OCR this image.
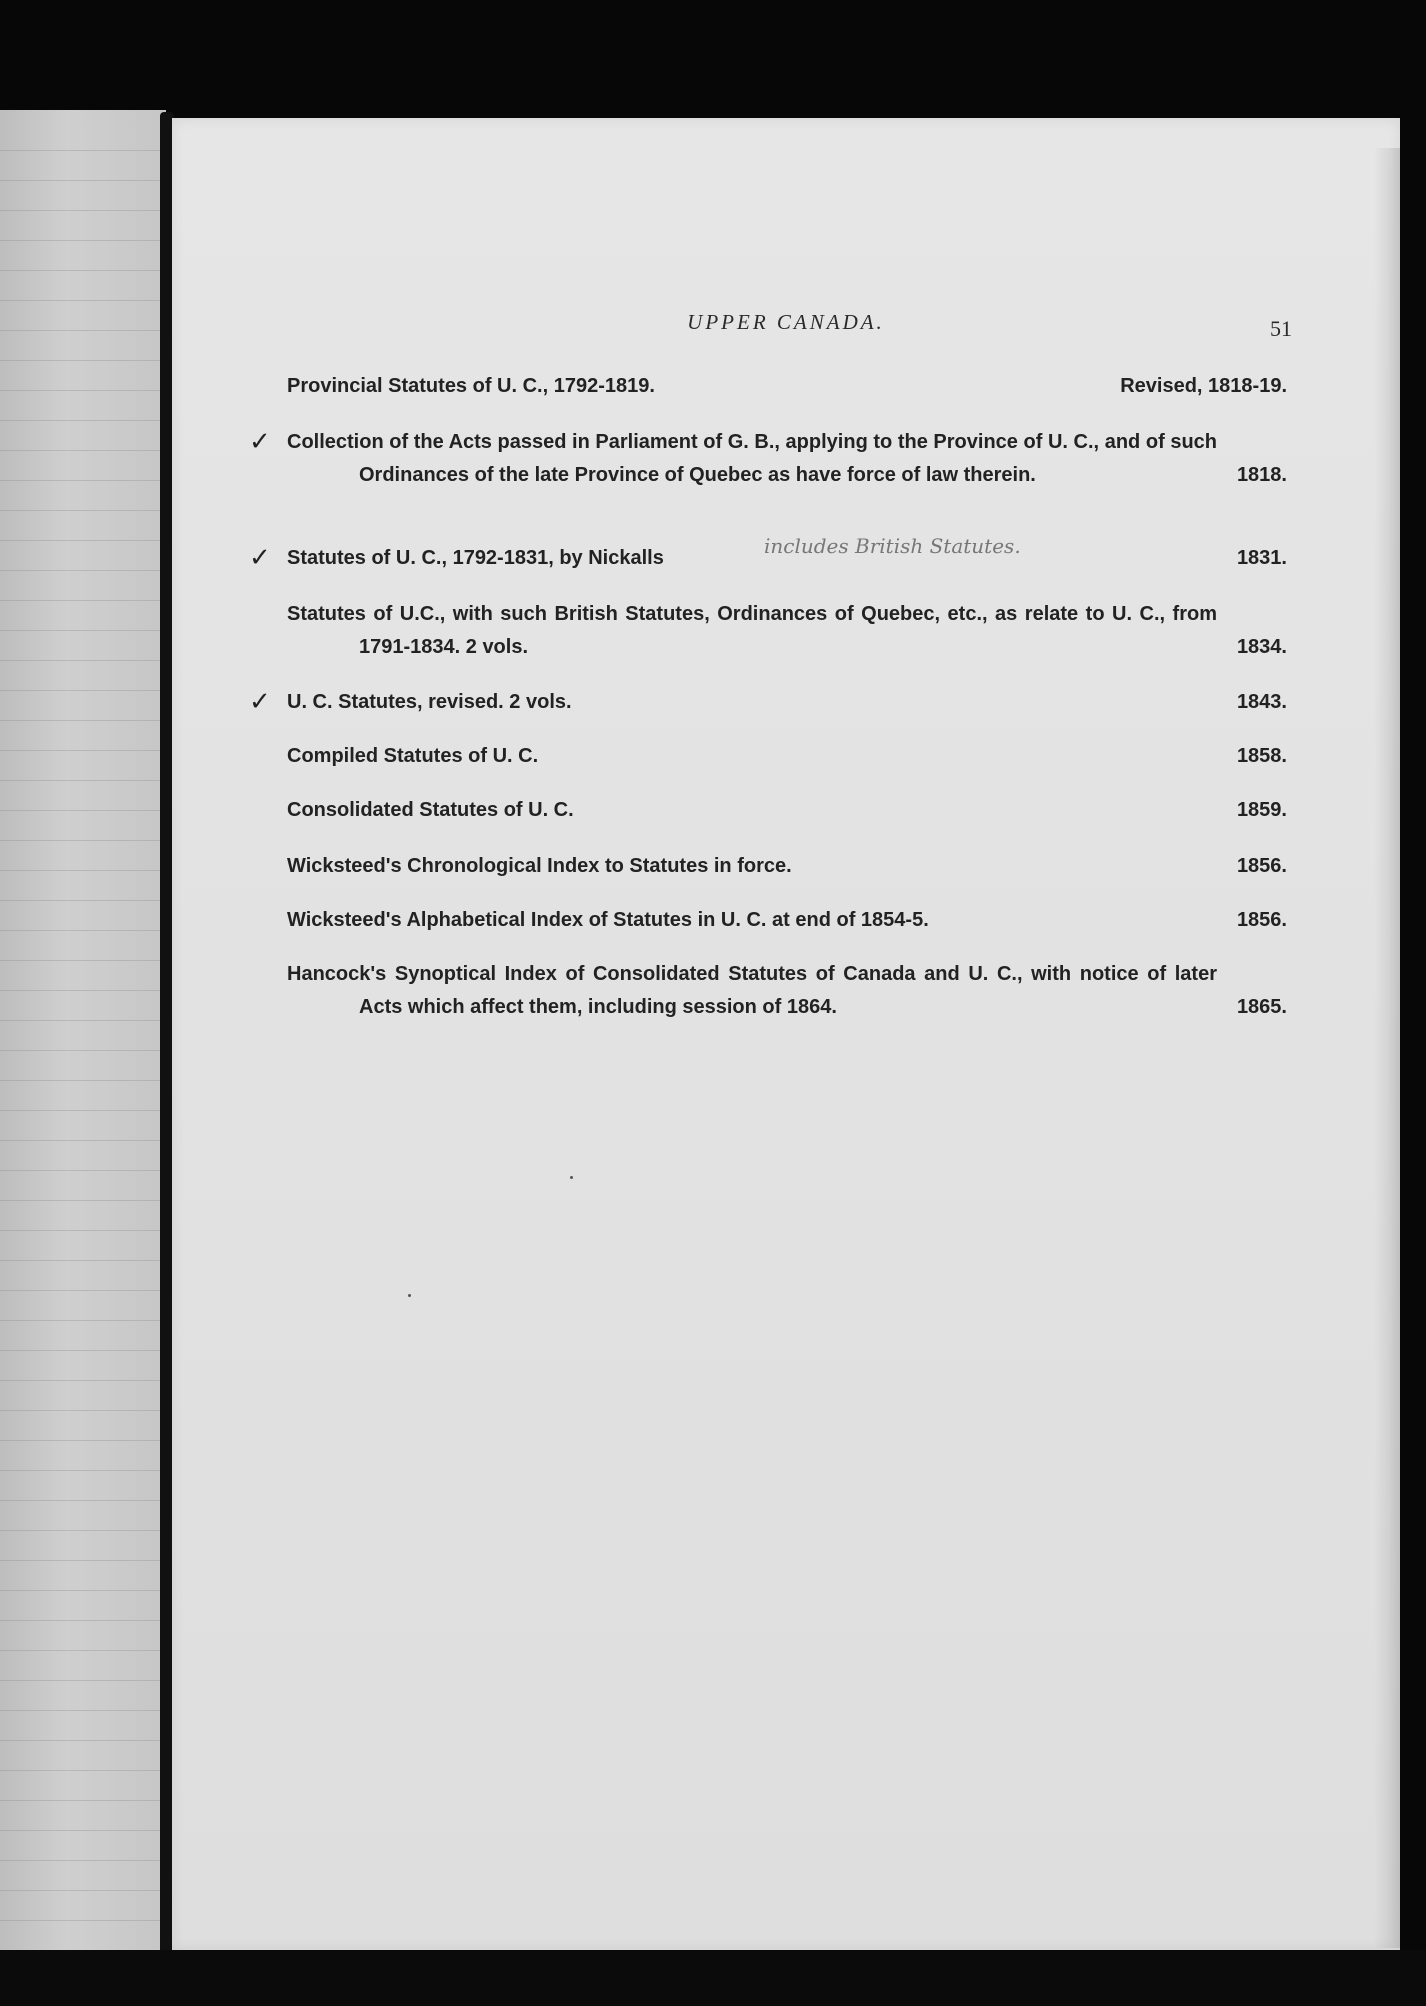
UPPER CANADA.	51
Provincial Statutes of U. C., 1792-1819.	Revised, 1818-19.
✓ Collection of the Acts passed in Parliament of G. B., applying to the Province of U. C., and of such Ordinances of the late Province of Quebec as have force of law therein.	1818.
✓ Statutes of U. C., 1792-1831, by Nickalls	1831.
includes British Statutes.
Statutes of U.C., with such British Statutes, Ordinances of Quebec, etc., as relate to U. C., from 1791-1834. 2 vols.	1834.
✓ U. C. Statutes, revised. 2 vols.	1843.
Compiled Statutes of U. C.	1858.
Consolidated Statutes of U. C.	1859.
Wicksteed's Chronological Index to Statutes in force.	1856.
Wicksteed's Alphabetical Index of Statutes in U. C. at end of 1854-5.	1856.
Hancock's Synoptical Index of Consolidated Statutes of Canada and U. C., with notice of later Acts which affect them, including session of 1864.	1865.
